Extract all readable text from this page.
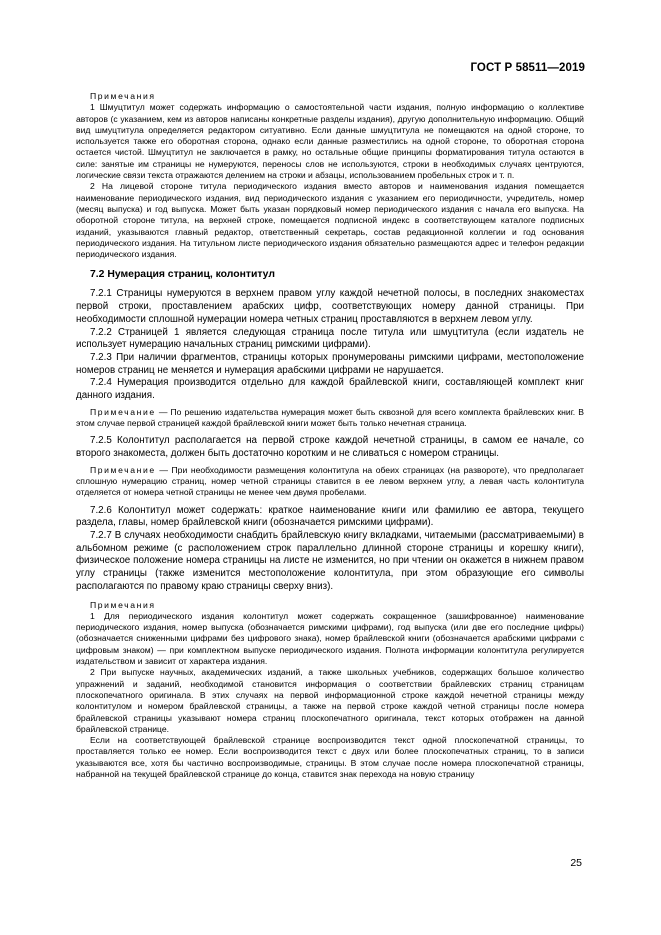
ГОСТ Р 58511—2019

Примечания

1 Шмуцтитул может содержать информацию о самостоятельной части издания, полную информацию о коллективе авторов (с указанием, кем из авторов написаны конкретные разделы издания), другую дополнительную информацию. Общий вид шмуцтитула определяется редактором ситуативно. Если данные шмуцтитула не помещаются на одной стороне, то используется также его оборотная сторона, однако если данные разместились на одной стороне, то оборотная сторона остается чистой. Шмуцтитул не заключается в рамку, но остальные общие принципы форматирования титула остаются в силе: занятые им страницы не нумеруются, переносы слов не используются, строки в необходимых случаях центруются, логические связи текста отражаются делением на строки и абзацы, использованием пробельных строк и т. п.

2 На лицевой стороне титула периодического издания вместо авторов и наименования издания помещается наименование периодического издания, вид периодического издания с указанием его периодичности, учредитель, номер (месяц выпуска) и год выпуска. Может быть указан порядковый номер периодического издания с начала его выпуска. На оборотной стороне титула, на верхней строке, помещается подписной индекс в соответствующем каталоге подписных изданий, указываются главный редактор, ответственный секретарь, состав редакционной коллегии и год основания периодического издания. На титульном листе периодического издания обязательно размещаются адрес и телефон редакции периодического издания.

7.2 Нумерация страниц, колонтитул

7.2.1 Страницы нумеруются в верхнем правом углу каждой нечетной полосы, в последних знакоместах первой строки, проставлением арабских цифр, соответствующих номеру данной страницы. При необходимости сплошной нумерации номера четных страниц проставляются в верхнем левом углу.

7.2.2 Страницей 1 является следующая страница после титула или шмуцтитула (если издатель не использует нумерацию начальных страниц римскими цифрами).

7.2.3 При наличии фрагментов, страницы которых пронумерованы римскими цифрами, местоположение номеров страниц не меняется и нумерация арабскими цифрами не нарушается.

7.2.4 Нумерация производится отдельно для каждой брайлевской книги, составляющей комплект книг данного издания.

Примечание — По решению издательства нумерация может быть сквозной для всего комплекта брайлевских книг. В этом случае первой страницей каждой брайлевской книги может быть только нечетная страница.

7.2.5 Колонтитул располагается на первой строке каждой нечетной страницы, в самом ее начале, со второго знакоместа, должен быть достаточно коротким и не сливаться с номером страницы.

Примечание — При необходимости размещения колонтитула на обеих страницах (на развороте), что предполагает сплошную нумерацию страниц, номер четной страницы ставится в ее левом верхнем углу, а левая часть колонтитула отделяется от номера четной страницы не менее чем двумя пробелами.

7.2.6 Колонтитул может содержать: краткое наименование книги или фамилию ее автора, текущего раздела, главы, номер брайлевской книги (обозначается римскими цифрами).

7.2.7 В случаях необходимости снабдить брайлевскую книгу вкладками, читаемыми (рассматриваемыми) в альбомном режиме (с расположением строк параллельно длинной стороне страницы и корешку книги), физическое положение номера страницы на листе не изменится, но при чтении он окажется в нижнем правом углу страницы (также изменится местоположение колонтитула, при этом образующие его символы располагаются по правому краю страницы сверху вниз).

Примечания

1 Для периодического издания колонтитул может содержать сокращенное (зашифрованное) наименование периодического издания, номер выпуска (обозначается римскими цифрами), год выпуска (или две его последние цифры) (обозначается сниженными цифрами без цифрового знака), номер брайлевской книги (обозначается арабскими цифрами с цифровым знаком) — при комплектном выпуске периодического издания. Полнота информации колонтитула регулируется издательством и зависит от характера издания.

2 При выпуске научных, академических изданий, а также школьных учебников, содержащих большое количество упражнений и заданий, необходимой становится информация о соответствии брайлевских страниц страницам плоскопечатного оригинала. В этих случаях на первой информационной строке каждой нечетной страницы между колонтитулом и номером брайлевской страницы, а также на первой строке каждой четной страницы после номера брайлевской страницы указывают номера страниц плоскопечатного оригинала, текст которых отображен на данной брайлевской странице.

Если на соответствующей брайлевской странице воспроизводится текст одной плоскопечатной страницы, то проставляется только ее номер. Если воспроизводится текст с двух или более плоскопечатных страниц, то в записи указываются все, хотя бы частично воспроизводимые, страницы. В этом случае после номера плоскопечатной страницы, набранной на текущей брайлевской странице до конца, ставится знак перехода на новую страницу

25
